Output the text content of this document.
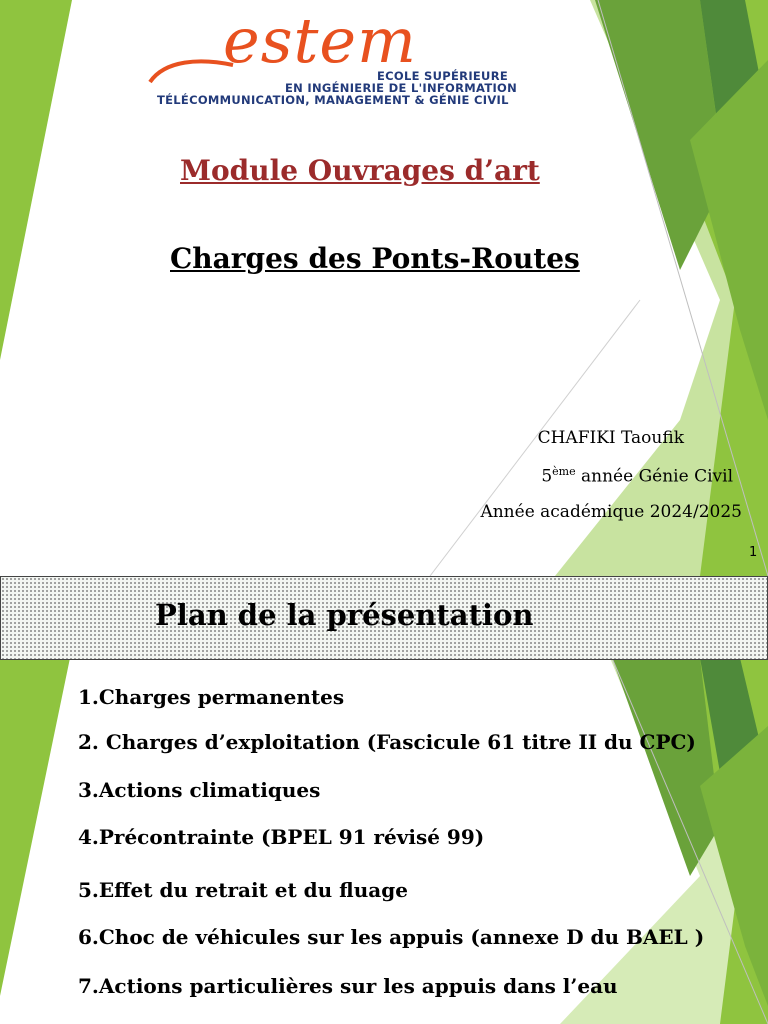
estem
ECOLE SUPÉRIEURE
EN INGÉNIERIE DE L'INFORMATION
TÉLÉCOMMUNICATION, MANAGEMENT & GÉNIE CIVIL
Module Ouvrages d’art
Charges des Ponts-Routes
CHAFIKI Taoufik
5ème année Génie Civil
Année académique 2024/2025
1
Plan de la présentation
1.Charges permanentes
2. Charges d’exploitation (Fascicule 61 titre II du CPC)
3.Actions climatiques
4.Précontrainte (BPEL 91 révisé 99)
5.Effet du retrait et du fluage
6.Choc de véhicules sur les appuis (annexe D du BAEL )
7.Actions particulières sur les appuis dans l’eau
